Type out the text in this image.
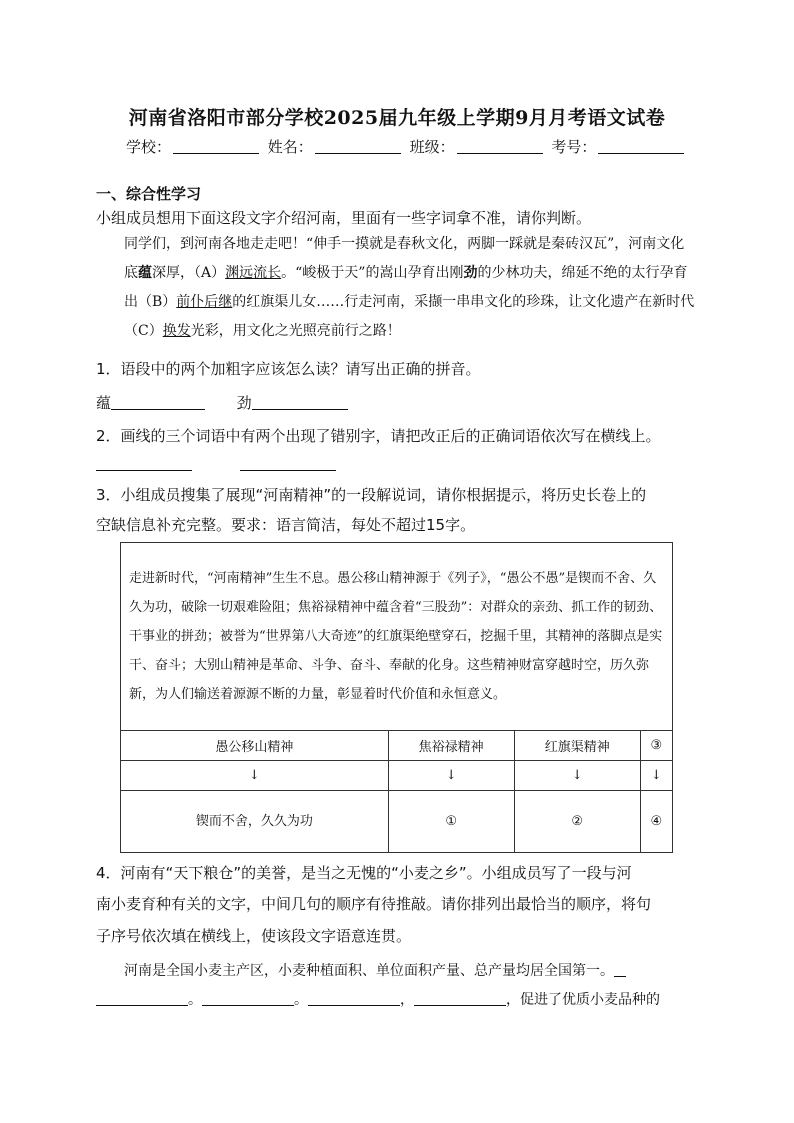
河南省洛阳市部分学校2025届九年级上学期9月月考语文试卷
学校：	姓名：	班级：	考号：
一、综合性学习
小组成员想用下面这段文字介绍河南，里面有一些字词拿不准，请你判断。
同学们，到河南各地走走吧！“伸手一摸就是春秋文化，两脚一踩就是秦砖汉瓦”，河南文化底蕴深厚，（A）渊远流长。“峻极于天”的嵩山孕育出刚劲的少林功夫，绵延不绝的太行孕育出（B）前仆后继的红旗渠儿女……行走河南，采撷一串串文化的珍珠，让文化遗产在新时代（C）换发光彩，用文化之光照亮前行之路！
1．语段中的两个加粗字应该怎么读？请写出正确的拼音。
蕴	劲
2．画线的三个词语中有两个出现了错别字，请把改正后的正确词语依次写在横线上。

3．小组成员搜集了展现“河南精神”的一段解说词，请你根据提示，将历史长卷上的
空缺信息补充完整。要求：语言简洁，每处不超过15字。
走进新时代，“河南精神”生生不息。愚公移山精神源于《列子》，“愚公不愚”是锲而不舍、久久为功，破除一切艰难险阻；焦裕禄精神中蕴含着“三股劲”：对群众的亲劲、抓工作的韧劲、干事业的拼劲；被誉为“世界第八大奇迹”的红旗渠绝壁穿石，挖掘千里，其精神的落脚点是实干、奋斗；大别山精神是革命、斗争、奋斗、奉献的化身。这些精神财富穿越时空，历久弥新，为人们输送着源源不断的力量，彰显着时代价值和永恒意义。			
愚公移山精神	焦裕禄精神	红旗渠精神	③
↓	↓	↓	↓
锲而不舍，久久为功	①	②	④
4．河南有“天下粮仓”的美誉，是当之无愧的“小麦之乡”。小组成员写了一段与河
南小麦育种有关的文字，中间几句的顺序有待推敲。请你排列出最恰当的顺序，将句
子序号依次填在横线上，使该段文字语意连贯。
河南是全国小麦主产区，小麦种植面积、单位面积产量、总产量均居全国第一。
。	。	，	，促进了优质小麦品种的
